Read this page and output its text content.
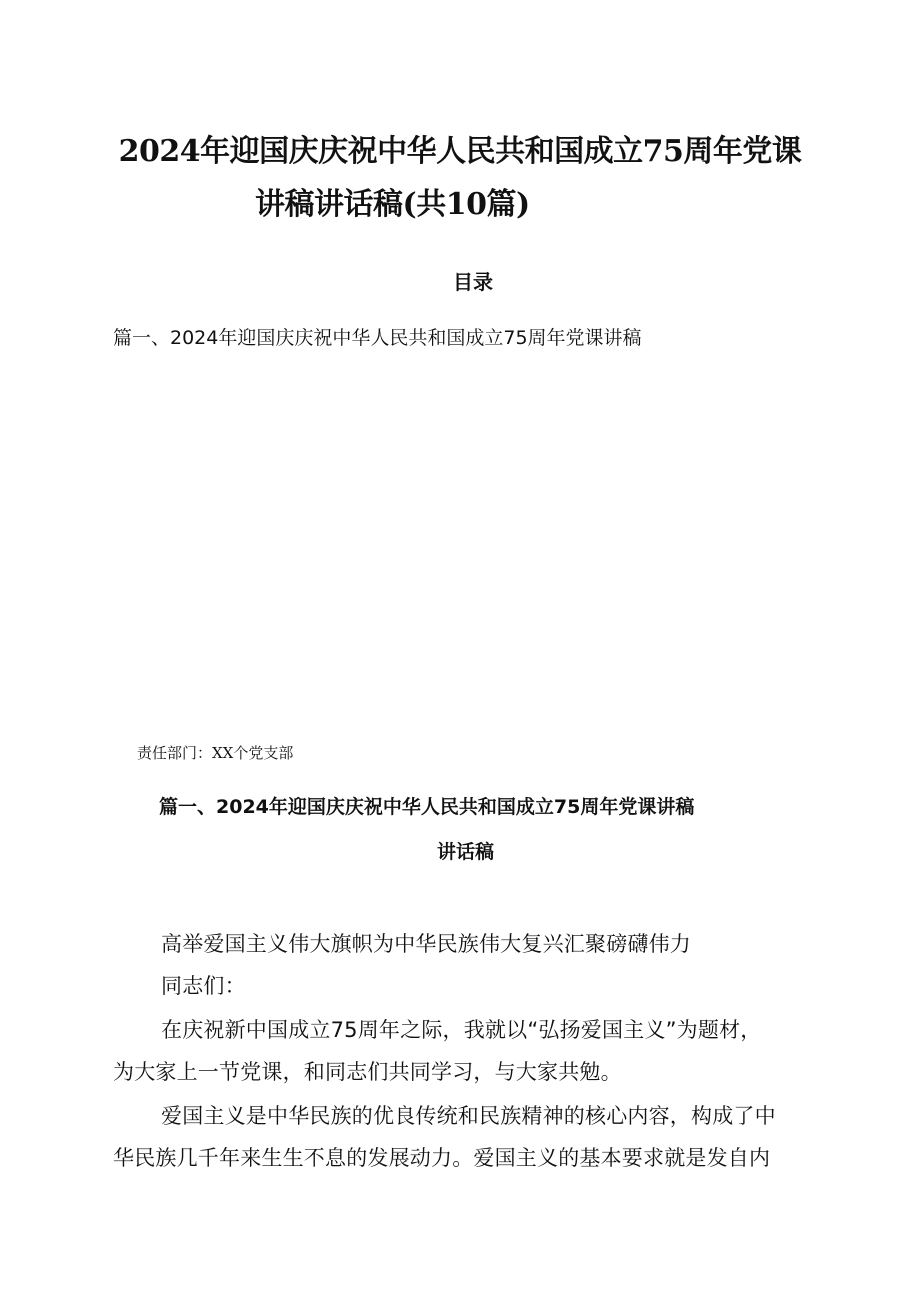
2024年迎国庆庆祝中华人民共和国成立75周年党课
讲稿讲话稿(共10篇)
目录

篇一、2024年迎国庆庆祝中华人民共和国成立75周年党课讲稿

责任部门：XX个党支部
篇一、2024年迎国庆庆祝中华人民共和国成立75周年党课讲稿
讲话稿

高举爱国主义伟大旗帜为中华民族伟大复兴汇聚磅礴伟力

同志们：

在庆祝新中国成立75周年之际，我就以“弘扬爱国主义”为题材，

为大家上一节党课，和同志们共同学习，与大家共勉。

爱国主义是中华民族的优良传统和民族精神的核心内容，构成了中

华民族几千年来生生不息的发展动力。爱国主义的基本要求就是发自内
